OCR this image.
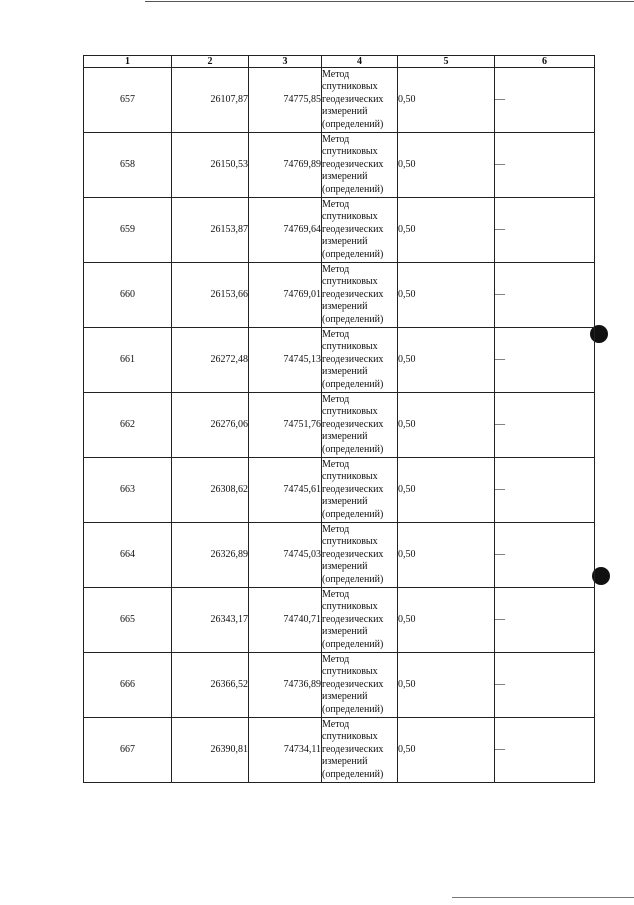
1	2	3	4	5	6
657	26107,87	74775,85	Метод
спутниковых
геодезических
измерений
(определений)	0,50	—
658	26150,53	74769,89	Метод
спутниковых
геодезических
измерений
(определений)	0,50	—
659	26153,87	74769,64	Метод
спутниковых
геодезических
измерений
(определений)	0,50	—
660	26153,66	74769,01	Метод
спутниковых
геодезических
измерений
(определений)	0,50	—
661	26272,48	74745,13	Метод
спутниковых
геодезических
измерений
(определений)	0,50	—
662	26276,06	74751,76	Метод
спутниковых
геодезических
измерений
(определений)	0,50	—
663	26308,62	74745,61	Метод
спутниковых
геодезических
измерений
(определений)	0,50	—
664	26326,89	74745,03	Метод
спутниковых
геодезических
измерений
(определений)	0,50	—
665	26343,17	74740,71	Метод
спутниковых
геодезических
измерений
(определений)	0,50	—
666	26366,52	74736,89	Метод
спутниковых
геодезических
измерений
(определений)	0,50	—
667	26390,81	74734,11	Метод
спутниковых
геодезических
измерений
(определений)	0,50	—
